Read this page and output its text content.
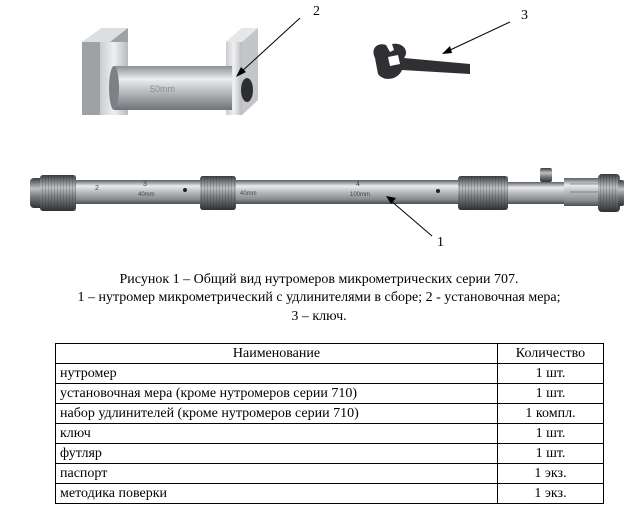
50mm
2
3
40mm	40mm
4
100mm
1
2	3
Рисунок 1 – Общий вид нутромеров микрометрических серии 707.
1 – нутромер микрометрический с удлинителями в сборе; 2 - установочная мера;
3 – ключ.
Наименование	Количество
нутромер	1 шт.
установочная мера (кроме нутромеров серии 710)	1 шт.
набор удлинителей (кроме нутромеров серии 710)	1 компл.
ключ	1 шт.
футляр	1 шт.
паспорт	1 экз.
методика поверки	1 экз.
